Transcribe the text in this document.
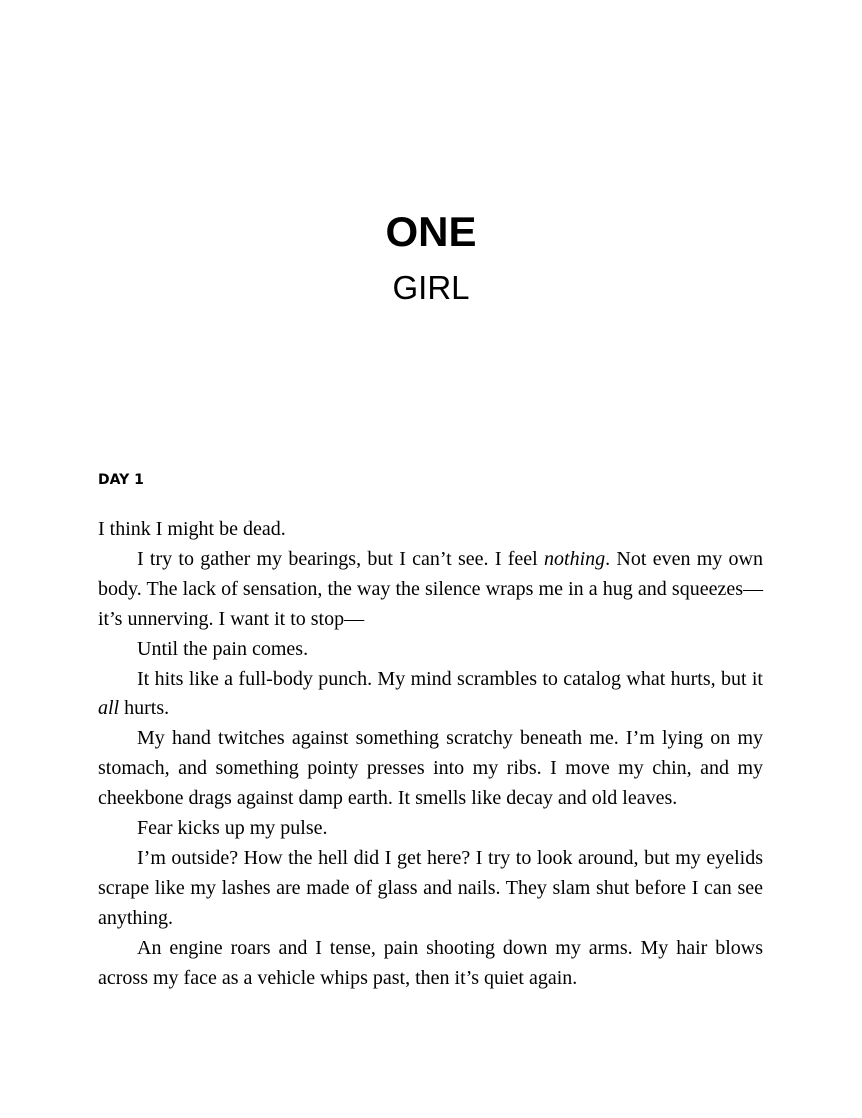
ONE
GIRL
DAY 1

I think I might be dead.

I try to gather my bearings, but I can’t see. I feel nothing. Not even my own body. The lack of sensation, the way the silence wraps me in a hug and squeezes—it’s unnerving. I want it to stop—

Until the pain comes.

It hits like a full-body punch. My mind scrambles to catalog what hurts, but it all hurts.

My hand twitches against something scratchy beneath me. I’m lying on my stomach, and something pointy presses into my ribs. I move my chin, and my cheekbone drags against damp earth. It smells like decay and old leaves.

Fear kicks up my pulse.

I’m outside? How the hell did I get here? I try to look around, but my eyelids scrape like my lashes are made of glass and nails. They slam shut before I can see anything.

An engine roars and I tense, pain shooting down my arms. My hair blows across my face as a vehicle whips past, then it’s quiet again.
